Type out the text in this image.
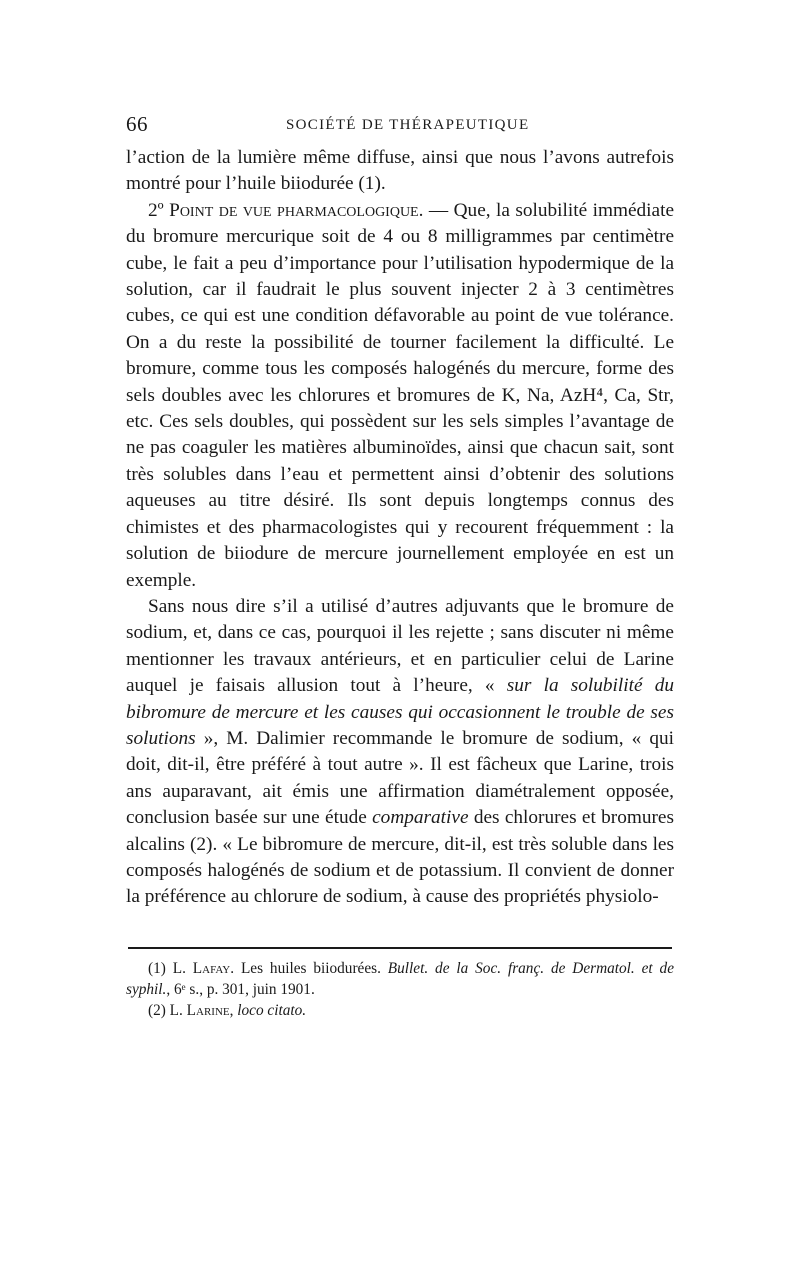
66	SOCIÉTÉ DE THÉRAPEUTIQUE

l’action de la lumière même diffuse, ainsi que nous l’avons autrefois montré pour l’huile biiodurée (1).

2º Point de vue pharmacologique. — Que, la solubilité immédiate du bromure mercurique soit de 4 ou 8 milligrammes par centimètre cube, le fait a peu d’importance pour l’utilisation hypodermique de la solution, car il faudrait le plus souvent injecter 2 à 3 centimètres cubes, ce qui est une condition défavorable au point de vue tolérance. On a du reste la possibilité de tourner facilement la difficulté. Le bromure, comme tous les composés halogénés du mercure, forme des sels doubles avec les chlorures et bromures de K, Na, AzH⁴, Ca, Str, etc. Ces sels doubles, qui possèdent sur les sels simples l’avantage de ne pas coaguler les matières albuminoïdes, ainsi que chacun sait, sont très solubles dans l’eau et permettent ainsi d’obtenir des solutions aqueuses au titre désiré. Ils sont depuis longtemps connus des chimistes et des pharmacologistes qui y recourent fréquemment : la solution de biiodure de mercure journellement employée en est un exemple.

Sans nous dire s’il a utilisé d’autres adjuvants que le bromure de sodium, et, dans ce cas, pourquoi il les rejette ; sans discuter ni même mentionner les travaux antérieurs, et en particulier celui de Larine auquel je faisais allusion tout à l’heure, « sur la solubilité du bibromure de mercure et les causes qui occasionnent le trouble de ses solutions », M. Dalimier recommande le bromure de sodium, « qui doit, dit-il, être préféré à tout autre ». Il est fâcheux que Larine, trois ans auparavant, ait émis une affirmation diamétralement opposée, conclusion basée sur une étude comparative des chlorures et bromures alcalins (2). « Le bibromure de mercure, dit-il, est très soluble dans les composés halogénés de sodium et de potassium. Il convient de donner la préférence au chlorure de sodium, à cause des propriétés physiolo-

(1) L. Lafay. Les huiles biiodurées. Bullet. de la Soc. franç. de Dermatol. et de syphil., 6ᵉ s., p. 301, juin 1901.

(2) L. Larine, loco citato.
